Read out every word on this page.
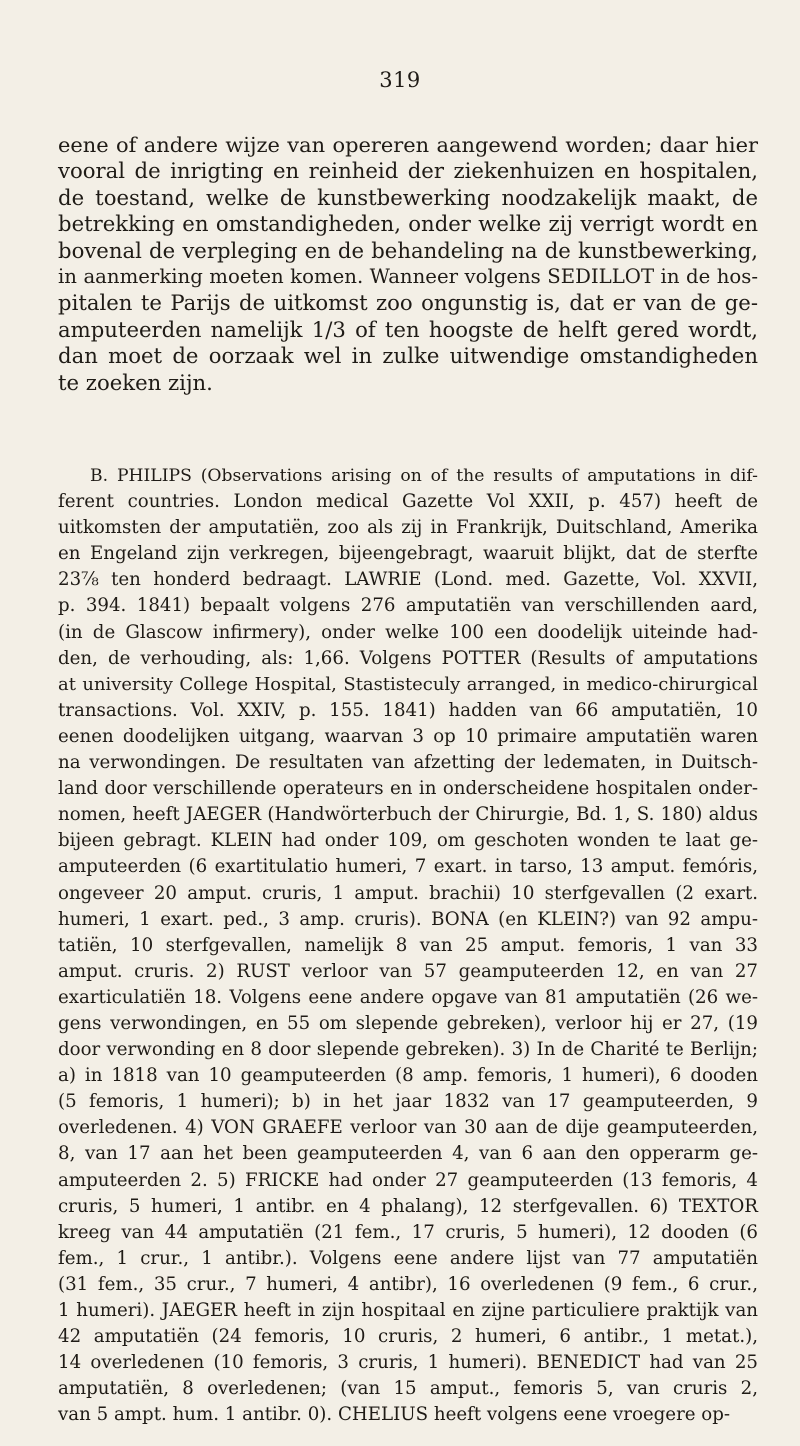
319
eene of andere wijze van opereren aangewend worden; daar hier
vooral de inrigting en reinheid der ziekenhuizen en hospitalen,
de toestand, welke de kunstbewerking noodzakelijk maakt, de
betrekking en omstandigheden, onder welke zij verrigt wordt en
bovenal de verpleging en de behandeling na de kunstbewerking,
in aanmerking moeten komen. Wanneer volgens SEDILLOT in de hos-
pitalen te Parijs de uitkomst zoo ongunstig is, dat er van de ge-
amputeerden namelijk 1/3 of ten hoogste de helft gered wordt,
dan moet de oorzaak wel in zulke uitwendige omstandigheden
te zoeken zijn.
B. PHILIPS (Observations arising on of the results of amputations in dif-
ferent countries. London medical Gazette Vol XXII, p. 457) heeft de
uitkomsten der amputatiën, zoo als zij in Frankrijk, Duitschland, Amerika
en Engeland zijn verkregen, bijeengebragt, waaruit blijkt, dat de sterfte
23⅞ ten honderd bedraagt. LAWRIE (Lond. med. Gazette, Vol. XXVII,
p. 394. 1841) bepaalt volgens 276 amputatiën van verschillenden aard,
(in de Glascow infirmery), onder welke 100 een doodelijk uiteinde had-
den, de verhouding, als: 1,66. Volgens POTTER (Results of amputations
at university College Hospital, Stastisteculy arranged, in medico-chirurgical
transactions. Vol. XXIV, p. 155. 1841) hadden van 66 amputatiën, 10
eenen doodelijken uitgang, waarvan 3 op 10 primaire amputatiën waren
na verwondingen. De resultaten van afzetting der ledematen, in Duitsch-
land door verschillende operateurs en in onderscheidene hospitalen onder-
nomen, heeft JAEGER (Handwörterbuch der Chirurgie, Bd. 1, S. 180) aldus
bijeen gebragt. KLEIN had onder 109, om geschoten wonden te laat ge-
amputeerden (6 exartitulatio humeri, 7 exart. in tarso, 13 amput. femóris,
ongeveer 20 amput. cruris, 1 amput. brachii) 10 sterfgevallen (2 exart.
humeri, 1 exart. ped., 3 amp. cruris). BONA (en KLEIN?) van 92 ampu-
tatiën, 10 sterfgevallen, namelijk 8 van 25 amput. femoris, 1 van 33
amput. cruris. 2) RUST verloor van 57 geamputeerden 12, en van 27
exarticulatiën 18. Volgens eene andere opgave van 81 amputatiën (26 we-
gens verwondingen, en 55 om slepende gebreken), verloor hij er 27, (19
door verwonding en 8 door slepende gebreken). 3) In de Charité te Berlijn;
a) in 1818 van 10 geamputeerden (8 amp. femoris, 1 humeri), 6 dooden
(5 femoris, 1 humeri); b) in het jaar 1832 van 17 geamputeerden, 9
overledenen. 4) VON GRAEFE verloor van 30 aan de dije geamputeerden,
8, van 17 aan het been geamputeerden 4, van 6 aan den opperarm ge-
amputeerden 2. 5) FRICKE had onder 27 geamputeerden (13 femoris, 4
cruris, 5 humeri, 1 antibr. en 4 phalang), 12 sterfgevallen. 6) TEXTOR
kreeg van 44 amputatiën (21 fem., 17 cruris, 5 humeri), 12 dooden (6
fem., 1 crur., 1 antibr.). Volgens eene andere lijst van 77 amputatiën
(31 fem., 35 crur., 7 humeri, 4 antibr), 16 overledenen (9 fem., 6 crur.,
1 humeri). JAEGER heeft in zijn hospitaal en zijne particuliere praktijk van
42 amputatiën (24 femoris, 10 cruris, 2 humeri, 6 antibr., 1 metat.),
14 overledenen (10 femoris, 3 cruris, 1 humeri). BENEDICT had van 25
amputatiën, 8 overledenen; (van 15 amput., femoris 5, van cruris 2,
van 5 ampt. hum. 1 antibr. 0). CHELIUS heeft volgens eene vroegere op-
